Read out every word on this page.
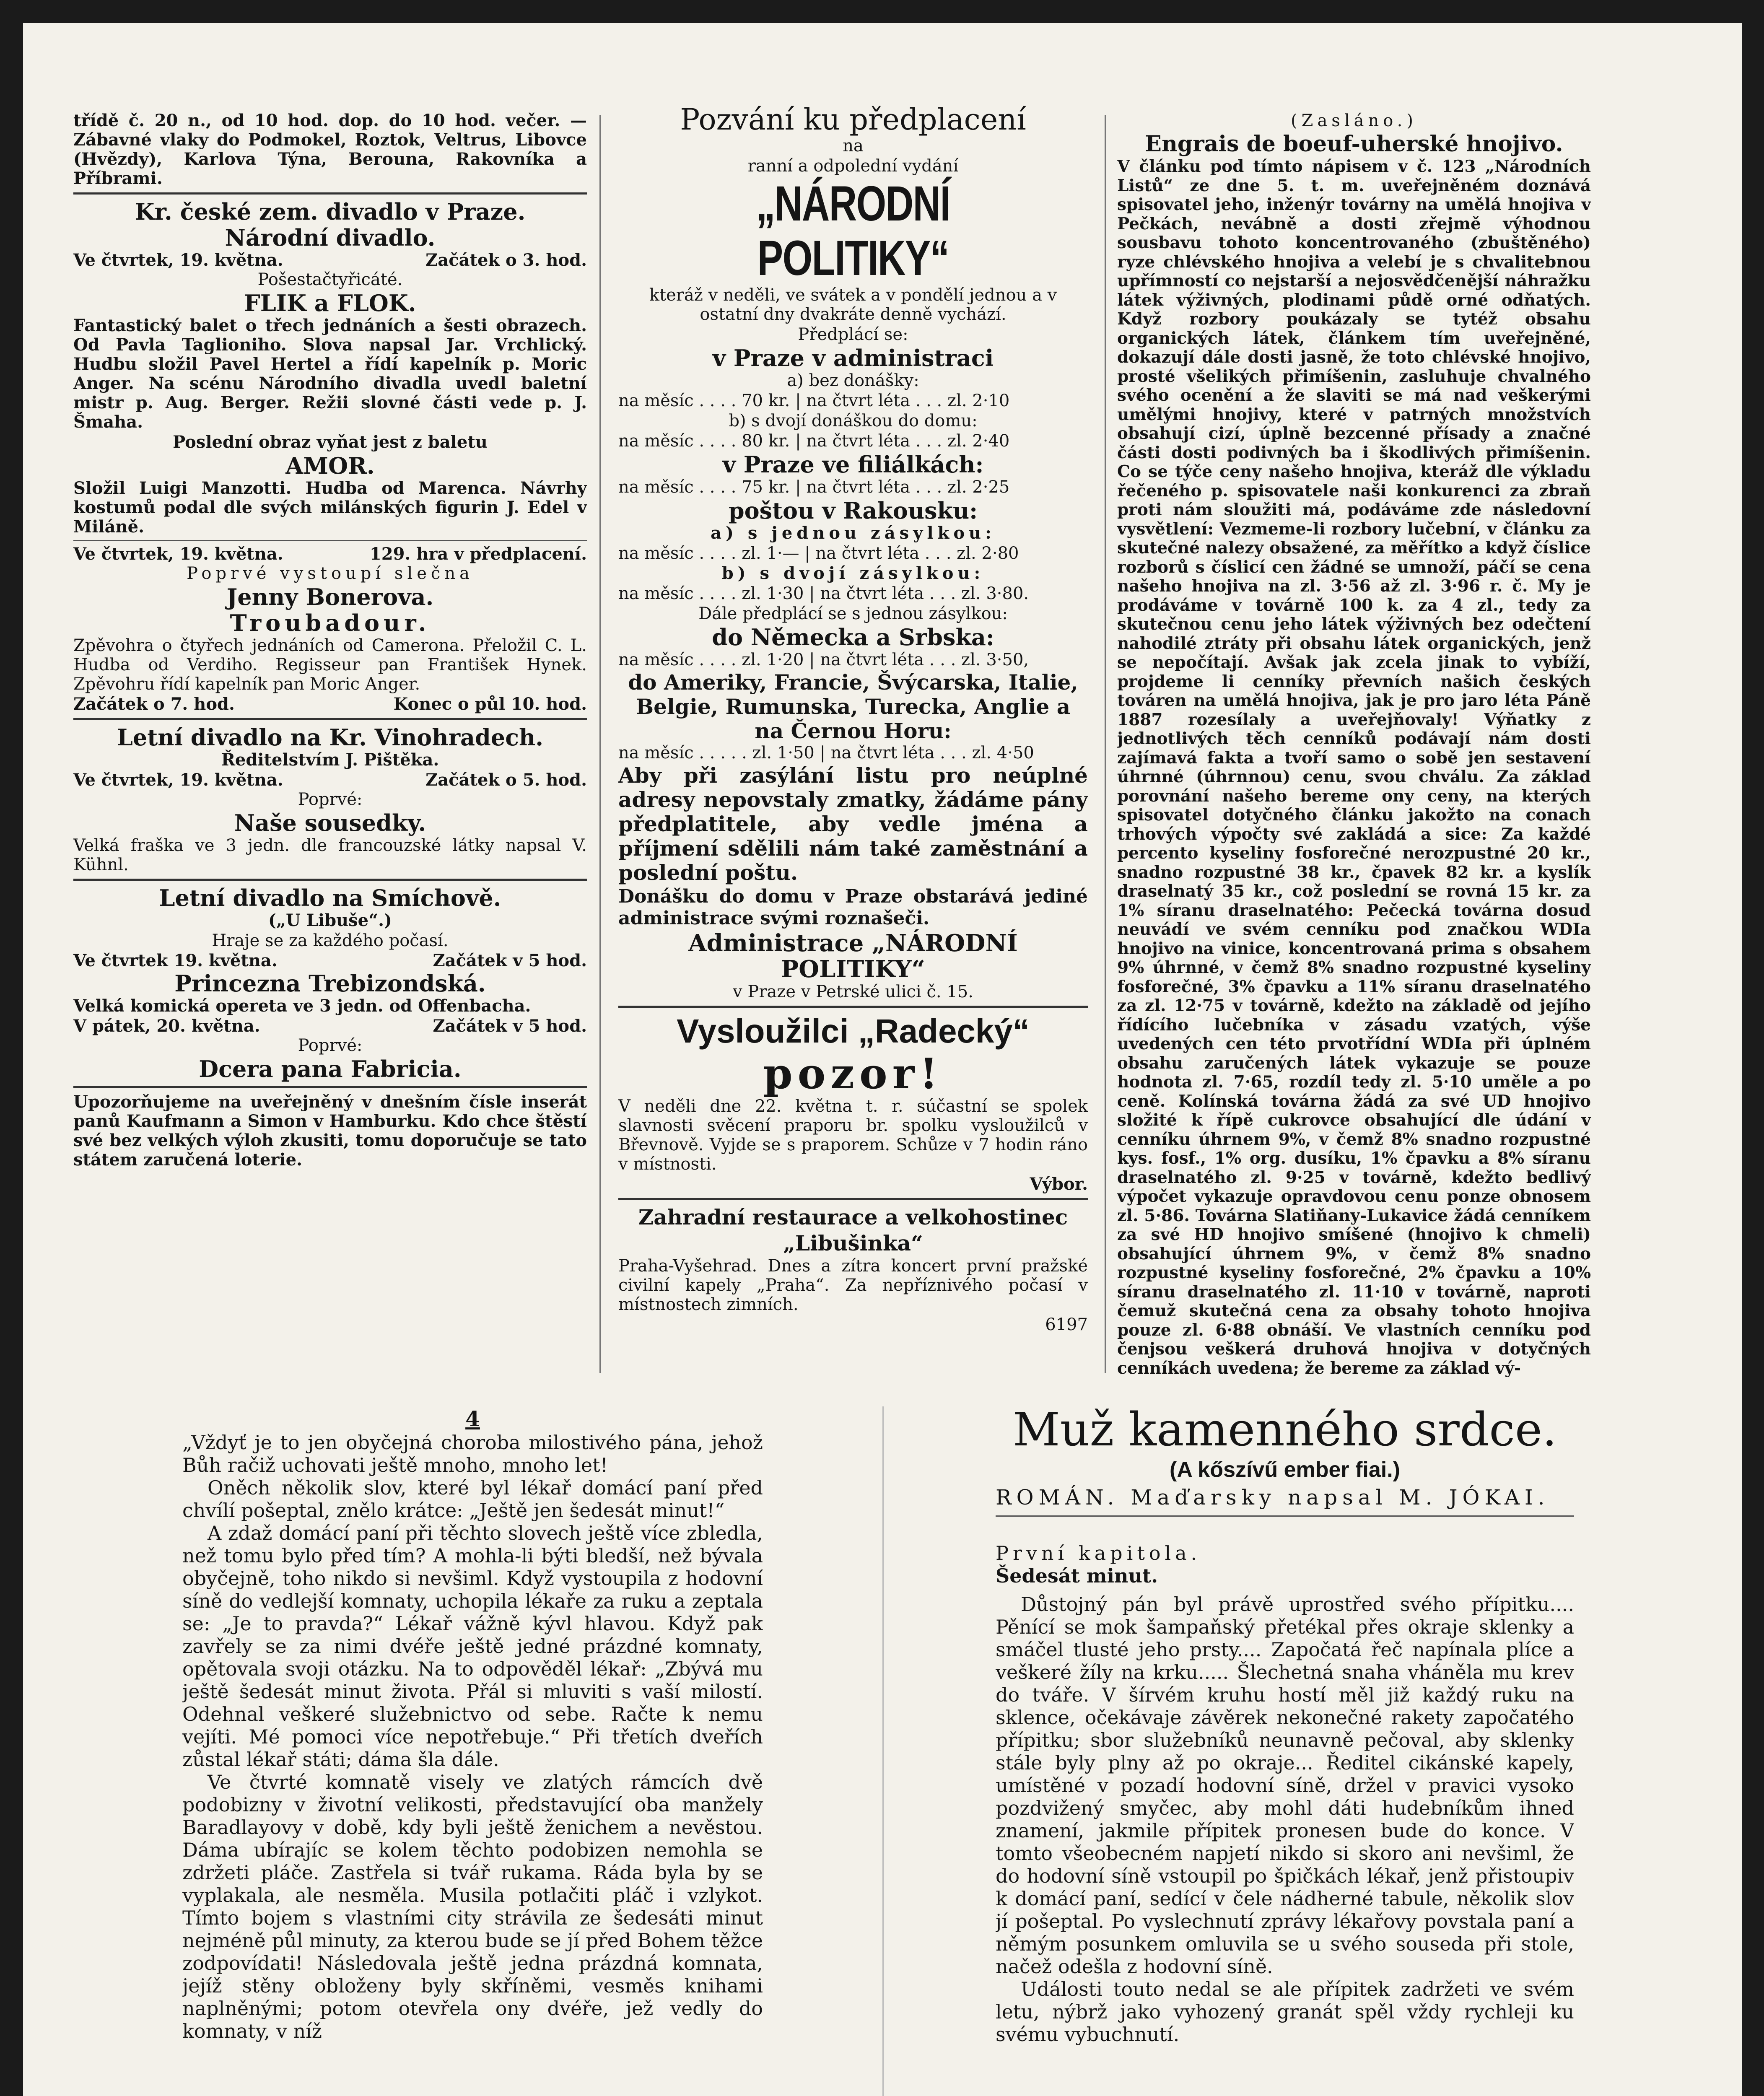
třídě č. 20 n., od 10 hod. dop. do 10 hod. večer. — Zábavné vlaky do Podmokel, Roztok, Veltrus, Libovce (Hvězdy), Karlova Týna, Berouna, Rakovníka a Příbrami.

Kr. české zem. divadlo v Praze.
Národní divadlo.
Ve čtvrtek, 19. května.	Začátek o 3. hod.

Pošestačtyřicáté.

FLIK a FLOK.

Fantastický balet o třech jednáních a šesti obrazech. Od Pavla Taglioniho. Slova napsal Jar. Vrchlický. Hudbu složil Pavel Hertel a řídí kapelník p. Moric Anger. Na scénu Národního divadla uvedl baletní mistr p. Aug. Berger. Režii slovné části vede p. J. Šmaha.

Poslední obraz vyňat jest z baletu

AMOR.

Složil Luigi Manzotti. Hudba od Marenca. Návrhy kostumů podal dle svých milánských figurin J. Edel v Miláně.

Ve čtvrtek, 19. května.	129. hra v předplacení.

Poprvé vystoupí slečna

Jenny Bonerova.
Troubadour.

Zpěvohra o čtyřech jednáních od Camerona. Přeložil C. L. Hudba od Verdiho. Regisseur pan František Hynek. Zpěvohru řídí kapelník pan Moric Anger.

Začátek o 7. hod.	Konec o půl 10. hod.
Letní divadlo na Kr. Vinohradech.

Ředitelstvím J. Pištěka.

Ve čtvrtek, 19. května.	Začátek o 5. hod.

Poprvé:

Naše sousedky.

Velká fraška ve 3 jedn. dle francouzské látky napsal V. Kühnl.

Letní divadlo na Smíchově.

(„U Libuše“.)

Hraje se za každého počasí.

Ve čtvrtek 19. května.	Začátek v 5 hod.
Princezna Trebizondská.

Velká komická opereta ve 3 jedn. od Offenbacha.

V pátek, 20. května.	Začátek v 5 hod.

Poprvé:

Dcera pana Fabricia.

Upozorňujeme na uveřejněný v dnešním čísle inserát panů Kaufmann a Simon v Hamburku. Kdo chce štěstí své bez velkých výloh zkusiti, tomu doporučuje se tato státem zaručená loterie.

Pozvání ku předplacení

na

ranní a odpolední vydání

„NÁRODNÍ POLITIKY“

kteráž v neděli, ve svátek a v pondělí jednou a v ostatní dny dvakráte denně vychází.

Předplácí se:

v Praze v administraci

a) bez donášky:

na měsíc . . . . 70 kr. | na čtvrt léta . . . zl. 2·10

b) s dvojí donáškou do domu:

na měsíc . . . . 80 kr. | na čtvrt léta . . . zl. 2·40

v Praze ve filiálkách:

na měsíc . . . . 75 kr. | na čtvrt léta . . . zl. 2·25

poštou v Rakousku:

a) s jednou zásylkou:

na měsíc . . . . zl. 1·— | na čtvrt léta . . . zl. 2·80

b) s dvojí zásylkou:

na měsíc . . . . zl. 1·30 | na čtvrt léta . . . zl. 3·80.

Dále předplácí se s jednou zásylkou:

do Německa a Srbska:

na měsíc . . . . zl. 1·20 | na čtvrt léta . . . zl. 3·50,

do Ameriky, Francie, Švýcarska, Italie, Belgie, Rumunska, Turecka, Anglie a na Černou Horu:

na měsíc . . . . . zl. 1·50 | na čtvrt léta . . . zl. 4·50

Aby při zasýlání listu pro neúplné adresy nepovstaly zmatky, žádáme pány předplatitele, aby vedle jména a příjmení sdělili nám také zaměstnání a poslední poštu.

Donášku do domu v Praze obstarává jediné administrace svými roznašeči.

Administrace „NÁRODNÍ POLITIKY“

v Praze v Petrské ulici č. 15.

Vysloužilci „Radecký“
pozor!

V neděli dne 22. května t. r. súčastní se spolek slavnosti svěcení praporu br. spolku vysloužilců v Břevnově. Vyjde se s praporem. Schůze v 7 hodin ráno v místnosti.

Výbor.

Zahradní restaurace a velkohostinec „Libušinka“

Praha-Vyšehrad. Dnes a zítra koncert první pražské civilní kapely „Praha“. Za nepříznivého počasí v místnostech zimních.

6197

(Zasláno.)

Engrais de boeuf-uherské hnojivo.

V článku pod tímto nápisem v č. 123 „Národních Listů“ ze dne 5. t. m. uveřejněném doznává spisovatel jeho, inženýr továrny na umělá hnojiva v Pečkách, nevábně a dosti zřejmě výhodnou sousbavu tohoto koncentrovaného (zbuštěného) ryze chlévského hnojiva a velebí je s chvalitebnou upřímností co nejstarší a nejosvědčenější náhražku látek výživných, plodinami půdě orné odňatých. Když rozbory poukázaly se tytéž obsahu organických látek, článkem tím uveřejněné, dokazují dále dosti jasně, že toto chlévské hnojivo, prosté všelikých přimíšenin, zasluhuje chvalného svého ocenění a že slaviti se má nad veškerými umělými hnojivy, které v patrných množstvích obsahují cizí, úplně bezcenné přísady a značné části dosti podivných ba i škodlivých přimíšenin. Co se týče ceny našeho hnojiva, kteráž dle výkladu řečeného p. spisovatele naši konkurenci za zbraň proti nám sloužiti má, podáváme zde následovní vysvětlení: Vezmeme-li rozbory lučební, v článku za skutečné nalezy obsažené, za měřítko a když číslice rozborů s číslicí cen žádné se umnoží, páčí se cena našeho hnojiva na zl. 3·56 až zl. 3·96 r. č. My je prodáváme v továrně 100 k. za 4 zl., tedy za skutečnou cenu jeho látek výživných bez odečtení nahodilé ztráty při obsahu látek organických, jenž se nepočítají. Avšak jak zcela jinak to vybíží, projdeme li cenníky převních našich českých továren na umělá hnojiva, jak je pro jaro léta Páně 1887 rozesílaly a uveřejňovaly! Výňatky z jednotlivých těch cenníků podávají nám dosti zajímavá fakta a tvoří samo o sobě jen sestavení úhrnné (úhrnnou) cenu, svou chválu. Za základ porovnání našeho bereme ony ceny, na kterých spisovatel dotyčného článku jakožto na conach trhových výpočty své zakládá a sice: Za každé percento kyseliny fosforečné nerozpustné 20 kr., snadno rozpustné 38 kr., čpavek 82 kr. a kyslík draselnatý 35 kr., což poslední se rovná 15 kr. za 1% síranu draselnatého: Pečecká továrna dosud neuvádí ve svém cenníku pod značkou WDIa hnojivo na vinice, koncentrovaná prima s obsahem 9% úhrnné, v čemž 8% snadno rozpustné kyseliny fosforečné, 3% čpavku a 11% síranu draselnatého za zl. 12·75 v továrně, kdežto na základě od jejího řídícího lučebníka v zásadu vzatých, výše uvedených cen této prvotřídní WDIa při úplném obsahu zaručených látek vykazuje se pouze hodnota zl. 7·65, rozdíl tedy zl. 5·10 uměle a po ceně. Kolínská továrna žádá za své UD hnojivo složité k řípě cukrovce obsahující dle údání v cenníku úhrnem 9%, v čemž 8% snadno rozpustné kys. fosf., 1% org. dusíku, 1% čpavku a 8% síranu draselnatého zl. 9·25 v továrně, kdežto bedlivý výpočet vykazuje opravdovou cenu ponze obnosem zl. 5·86. Továrna Slatiňany-Lukavice žádá cenníkem za své HD hnojivo smíšené (hnojivo k chmeli) obsahující úhrnem 9%, v čemž 8% snadno rozpustné kyseliny fosforečné, 2% čpavku a 10% síranu draselnatého zl. 11·10 v továrně, naproti čemuž skutečná cena za obsahy tohoto hnojiva pouze zl. 6·88 obnáší. Ve vlastních cenníku pod čenjsou veškerá druhová hnojiva v dotyčných cenníkách uvedena; že bereme za základ vý-

4

„Vždyť je to jen obyčejná choroba milostivého pána, jehož Bůh račiž uchovati ještě mnoho, mnoho let!

Oněch několik slov, které byl lékař domácí paní před chvílí pošeptal, znělo krátce: „Ještě jen šedesát minut!“

A zdaž domácí paní při těchto slovech ještě více zbledla, než tomu bylo před tím? A mohla-li býti bledší, než bývala obyčejně, toho nikdo si nevšiml. Když vystoupila z hodovní síně do vedlejší komnaty, uchopila lékaře za ruku a zeptala se: „Je to pravda?“ Lékař vážně kývl hlavou. Když pak zavřely se za nimi dvéře ještě jedné prázdné komnaty, opětovala svoji otázku. Na to odpověděl lékař: „Zbývá mu ještě šedesát minut života. Přál si mluviti s vaší milostí. Odehnal veškeré služebnictvo od sebe. Račte k nemu vejíti. Mé pomoci více nepotřebuje.“ Při třetích dveřích zůstal lékař státi; dáma šla dále.

Ve čtvrté komnatě visely ve zlatých rámcích dvě podobizny v životní velikosti, představující oba manžely Baradlayovy v době, kdy byli ještě ženichem a nevěstou. Dáma ubírajíc se kolem těchto podobizen nemohla se zdržeti pláče. Zastřela si tvář rukama. Ráda byla by se vyplakala, ale nesměla. Musila potlačiti pláč i vzlykot. Tímto bojem s vlastními city strávila ze šedesáti minut nejméně půl minuty, za kterou bude se jí před Bohem těžce zodpovídati! Následovala ještě jedna prázdná komnata, jejíž stěny obloženy byly skříněmi, vesměs knihami naplněnými; potom otevřela ony dvéře, jež vedly do komnaty, v níž

Muž kamenného srdce.
(A kőszívű ember fiai.)

ROMÁN. Maďarsky napsal M. JÓKAI.

První kapitola.

Šedesát minut.

Důstojný pán byl právě uprostřed svého přípitku.... Pěnící se mok šampaňský přetékal přes okraje sklenky a smáčel tlusté jeho prsty.... Započatá řeč napínala plíce a veškeré žíly na krku..... Šlechetná snaha vháněla mu krev do tváře. V šírvém kruhu hostí měl již každý ruku na sklence, očekávaje závěrek nekonečné rakety započatého přípitku; sbor služebníků neunavně pečoval, aby sklenky stále byly plny až po okraje... Ředitel cikánské kapely, umístěné v pozadí hodovní síně, držel v pravici vysoko pozdvižený smyčec, aby mohl dáti hudebníkům ihned znamení, jakmile přípitek pronesen bude do konce. V tomto všeobecném napjetí nikdo si skoro ani nevšiml, že do hodovní síně vstoupil po špičkách lékař, jenž přistoupiv k domácí paní, sedící v čele nádherné tabule, několik slov jí pošeptal. Po vyslechnutí zprávy lékařovy povstala paní a němým posunkem omluvila se u svého souseda při stole, načež odešla z hodovní síně.

Události touto nedal se ale přípitek zadržeti ve svém letu, nýbrž jako vyhozený granát spěl vždy rychleji ku svému vybuchnutí.
